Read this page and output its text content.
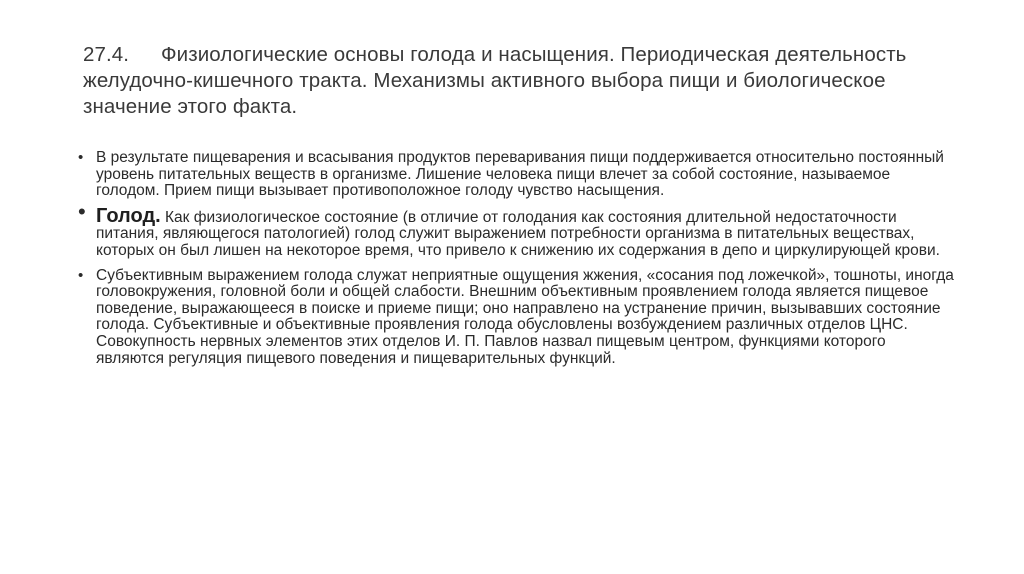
27.4. Физиологические основы голода и насыщения. Периодическая деятельность желудочно-кишечного тракта. Механизмы активного выбора пищи и биологическое значение этого факта.
• В результате пищеварения и всасывания продуктов переваривания пищи поддерживается относительно постоянный уровень питательных веществ в организме. Лишение человека пищи влечет за собой состояние, называемое голодом. Прием пищи вызывает противоположное голоду чувство насыщения.
• Голод. Как физиологическое состояние (в отличие от голодания как состояния длительной недостаточности питания, являющегося патологией) голод служит выражением потребности организма в питательных веществах, которых он был лишен на некоторое время, что привело к снижению их содержания в депо и циркулирующей крови.
• Субъективным выражением голода служат неприятные ощущения жжения, «сосания под ложечкой», тошноты, иногда головокружения, головной боли и общей слабости. Внешним объективным проявлением голода является пищевое поведение, выражающееся в поиске и приеме пищи; оно направлено на устранение причин, вызывавших состояние голода. Субъективные и объективные проявления голода обусловлены возбуждением различных отделов ЦНС. Совокупность нервных элементов этих отделов И. П. Павлов назвал пищевым центром, функциями которого являются регуляция пищевого поведения и пищеварительных функций.
